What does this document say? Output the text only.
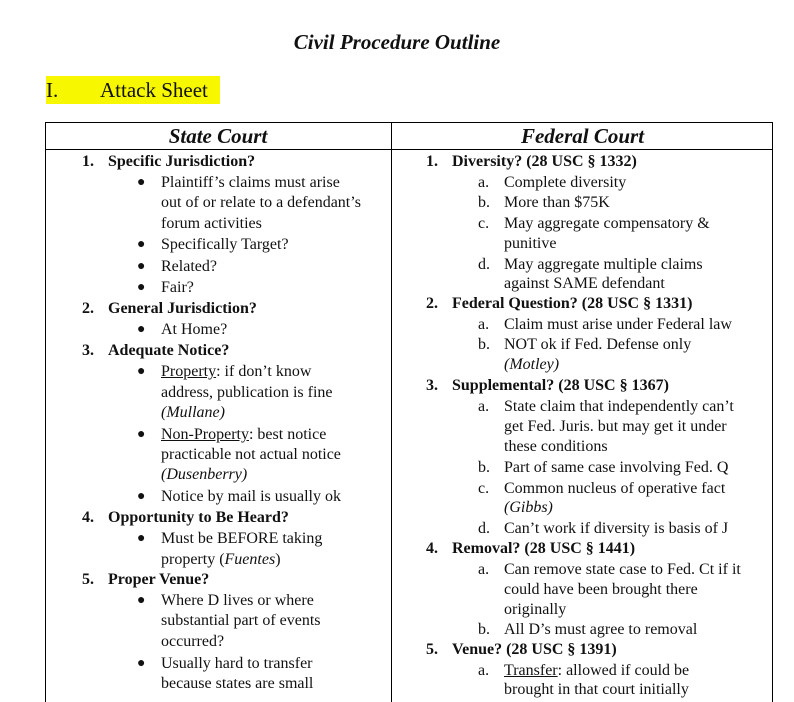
Civil Procedure Outline
I. Attack Sheet
State Court	Federal Court
1. Specific Jurisdiction?
● Plaintiff’s claims must arise
out of or relate to a defendant’s
forum activities
● Specifically Target?
● Related?
● Fair?
2. General Jurisdiction?
● At Home?
3. Adequate Notice?
● Property: if don’t know
address, publication is fine
(Mullane)
● Non-Property: best notice
practicable not actual notice
(Dusenberry)
● Notice by mail is usually ok
4. Opportunity to Be Heard?
● Must be BEFORE taking
property (Fuentes)
5. Proper Venue?
● Where D lives or where
substantial part of events
occurred?
● Usually hard to transfer
because states are small
1. Diversity? (28 USC § 1332)
a. Complete diversity
b. More than $75K
c. May aggregate compensatory &
punitive
d. May aggregate multiple claims
against SAME defendant
2. Federal Question? (28 USC § 1331)
a. Claim must arise under Federal law
b. NOT ok if Fed. Defense only
(Motley)
3. Supplemental? (28 USC § 1367)
a. State claim that independently can’t
get Fed. Juris. but may get it under
these conditions
b. Part of same case involving Fed. Q
c. Common nucleus of operative fact
(Gibbs)
d. Can’t work if diversity is basis of J
4. Removal? (28 USC § 1441)
a. Can remove state case to Fed. Ct if it
could have been brought there
originally
b. All D’s must agree to removal
5. Venue? (28 USC § 1391)
a. Transfer: allowed if could be
brought in that court initially
